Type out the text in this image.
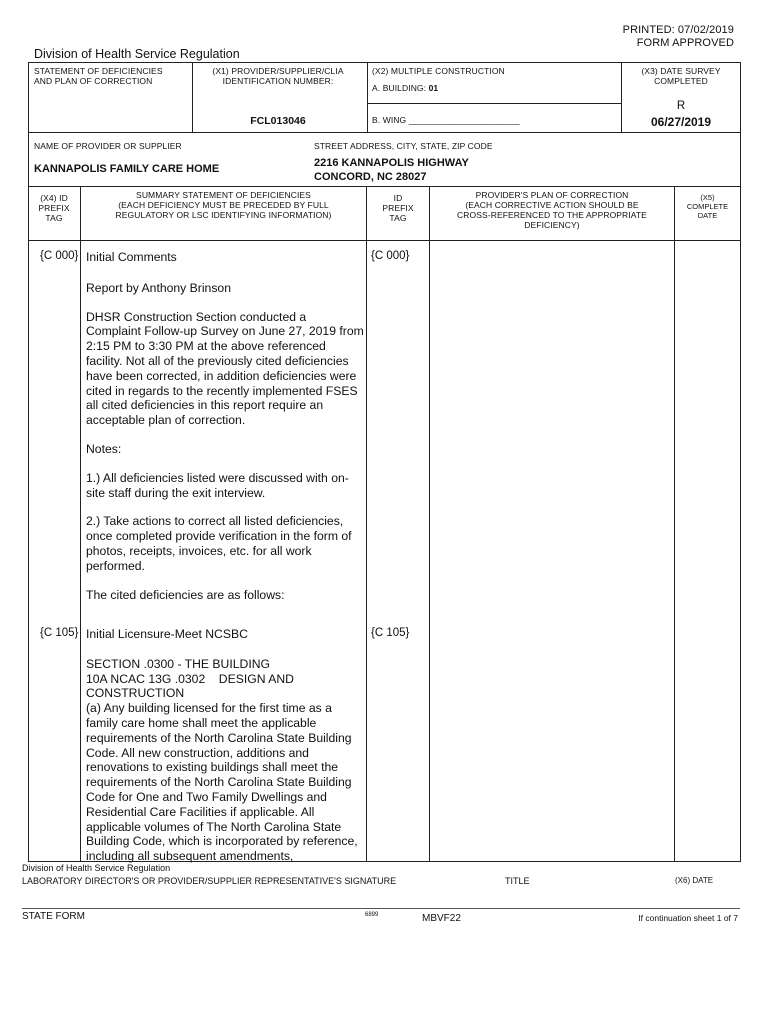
PRINTED: 07/02/2019
FORM APPROVED
Division of Health Service Regulation
STATEMENT OF DEFICIENCIES
AND PLAN OF CORRECTION
(X1) PROVIDER/SUPPLIER/CLIA
IDENTIFICATION NUMBER:
FCL013046
(X2) MULTIPLE CONSTRUCTION
A. BUILDING: 01
B. WING _______________________
(X3) DATE SURVEY
COMPLETED
R
06/27/2019
NAME OF PROVIDER OR SUPPLIER
KANNAPOLIS FAMILY CARE HOME
STREET ADDRESS, CITY, STATE, ZIP CODE
2216 KANNAPOLIS HIGHWAY
CONCORD, NC 28027
(X4) ID
PREFIX
TAG
SUMMARY STATEMENT OF DEFICIENCIES
(EACH DEFICIENCY MUST BE PRECEDED BY FULL
REGULATORY OR LSC IDENTIFYING INFORMATION)
ID
PREFIX
TAG
PROVIDER'S PLAN OF CORRECTION
(EACH CORRECTIVE ACTION SHOULD BE
CROSS-REFERENCED TO THE APPROPRIATE
DEFICIENCY)
(X5)
COMPLETE
DATE
{C 000}	{C 000}

Initial Comments

Report by Anthony Brinson

DHSR Construction Section conducted a Complaint Follow-up Survey on June 27, 2019 from 2:15 PM to 3:30 PM at the above referenced facility. Not all of the previously cited deficiencies have been corrected, in addition deficiencies were cited in regards to the recently implemented FSES all cited deficiencies in this report require an acceptable plan of correction.

Notes:

1.) All deficiencies listed were discussed with on-site staff during the exit interview.

2.) Take actions to correct all listed deficiencies, once completed provide verification in the form of photos, receipts, invoices, etc. for all work performed.

The cited deficiencies are as follows:

{C 105}	{C 105}

Initial Licensure-Meet NCSBC

SECTION .0300 - THE BUILDING

10A NCAC 13G .0302    DESIGN AND

CONSTRUCTION

(a) Any building licensed for the first time as a family care home shall meet the applicable requirements of the North Carolina State Building Code. All new construction, additions and renovations to existing buildings shall meet the requirements of the North Carolina State Building Code for One and Two Family Dwellings and Residential Care Facilities if applicable. All applicable volumes of The North Carolina State Building Code, which is incorporated by reference, including all subsequent amendments,

Division of Health Service Regulation
LABORATORY DIRECTOR'S OR PROVIDER/SUPPLIER REPRESENTATIVE'S SIGNATURE	TITLE	(X6) DATE
STATE FORM	6899	MBVF22	If continuation sheet 1 of 7
